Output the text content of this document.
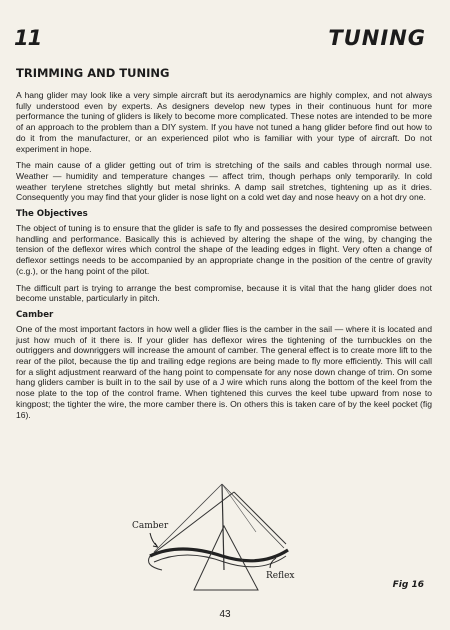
11	TUNING
TRIMMING AND TUNING

A hang glider may look like a very simple aircraft but its aerodynamics are highly complex, and not always fully understood even by experts. As designers develop new types in their continuous hunt for more performance the tuning of gliders is likely to become more complicated. These notes are intended to be more of an approach to the problem than a DIY system. If you have not tuned a hang glider before find out how to do it from the manufacturer, or an experienced pilot who is familiar with your type of aircraft. Do not experiment in hope.

The main cause of a glider getting out of trim is stretching of the sails and cables through normal use. Weather — humidity and temperature changes — affect trim, though perhaps only temporarily. In cold weather terylene stretches slightly but metal shrinks. A damp sail stretches, tightening up as it dries. Consequently you may find that your glider is nose light on a cold wet day and nose heavy on a hot dry one.

The Objectives

The object of tuning is to ensure that the glider is safe to fly and possesses the desired compromise between handling and performance. Basically this is achieved by altering the shape of the wing, by changing the tension of the deflexor wires which control the shape of the leading edges in flight. Very often a change of deflexor settings needs to be accompanied by an appropriate change in the position of the centre of gravity (c.g.), or the hang point of the pilot.

The difficult part is trying to arrange the best compromise, because it is vital that the hang glider does not become unstable, particularly in pitch.

Camber

One of the most important factors in how well a glider flies is the camber in the sail — where it is located and just how much of it there is. If your glider has deflexor wires the tightening of the turnbuckles on the outriggers and downriggers will increase the amount of camber. The general effect is to create more lift to the rear of the pilot, because the tip and trailing edge regions are being made to fly more efficiently. This will call for a slight adjustment rearward of the hang point to compensate for any nose down change of trim. On some hang gliders camber is built in to the sail by use of a J wire which runs along the bottom of the keel from the nose plate to the top of the control frame. When tightened this curves the keel tube upward from nose to kingpost; the tighter the wire, the more camber there is. On others this is taken care of by the keel pocket (fig 16).

Camber
Reflex
Fig 16
43
